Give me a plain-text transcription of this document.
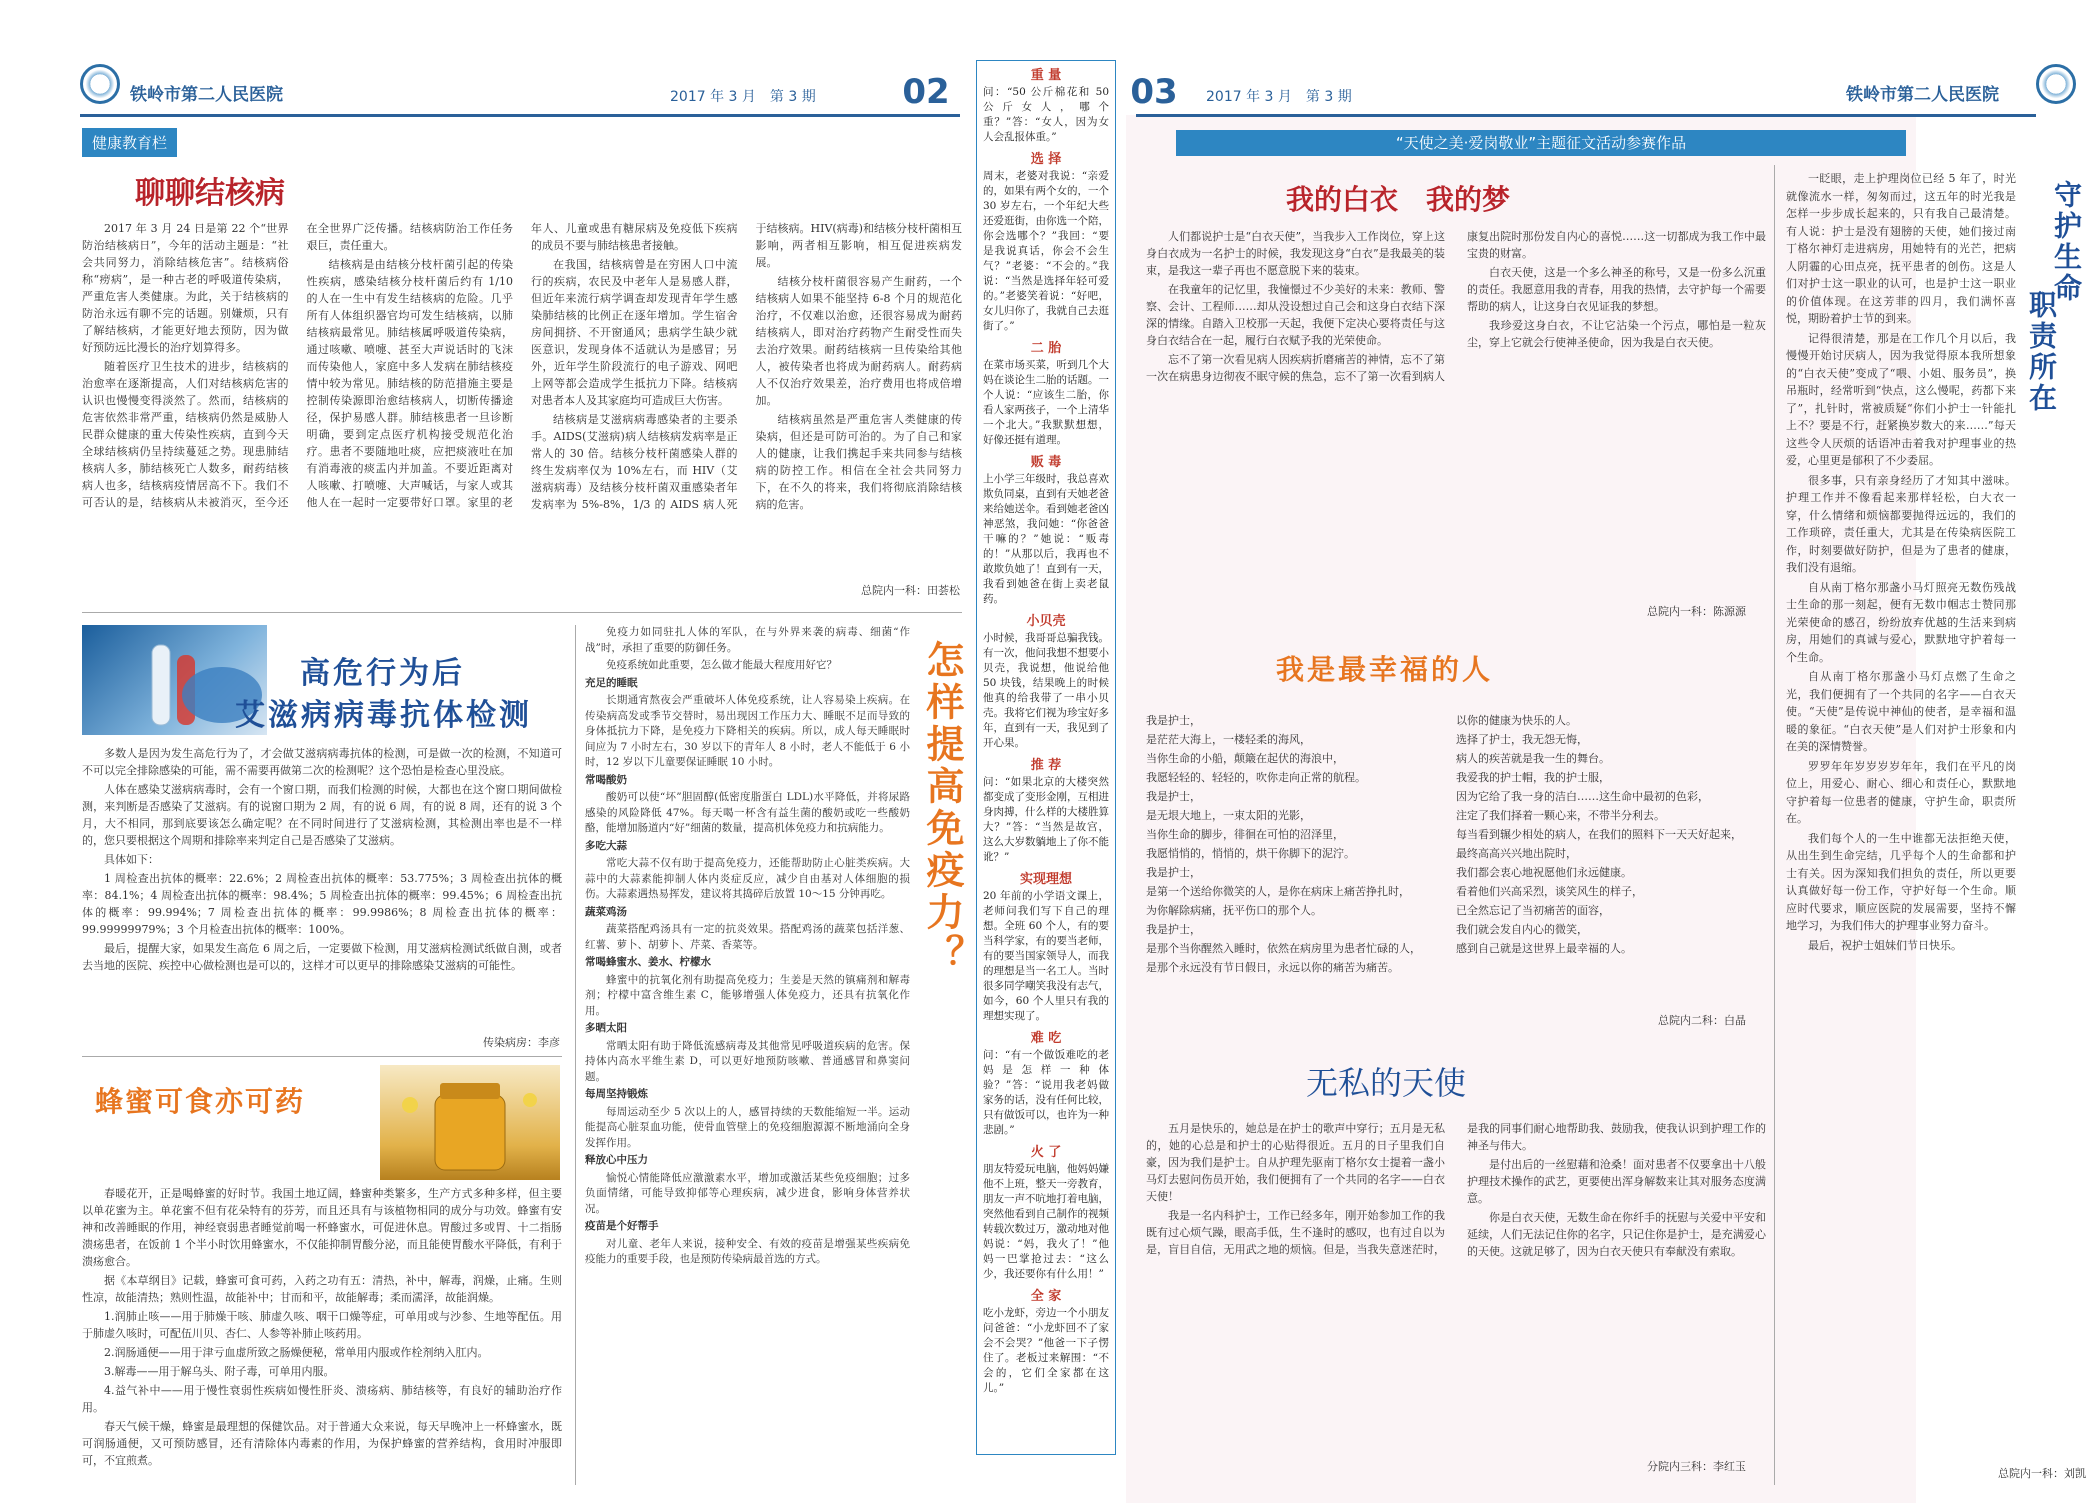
铁岭市第二人民医院	2017 年 3 月　第 3 期	02
健康教育栏
聊聊结核病

2017 年 3 月 24 日是第 22 个“世界防治结核病日”，今年的活动主题是：“社会共同努力，消除结核危害”。结核病俗称“痨病”，是一种古老的呼吸道传染病，严重危害人类健康。为此，关于结核病的防治永远有聊不完的话题。别嫌烦，只有了解结核病，才能更好地去预防，因为做好预防远比漫长的治疗划算得多。

随着医疗卫生技术的进步，结核病的治愈率在逐渐提高，人们对结核病危害的认识也慢慢变得淡然了。然而，结核病的危害依然非常严重，结核病仍然是威胁人民群众健康的重大传染性疾病，直到今天全球结核病仍呈持续蔓延之势。现患肺结核病人多，肺结核死亡人数多，耐药结核病人也多，结核病疫情居高不下。我们不可否认的是，结核病从未被消灭，至今还在全世界广泛传播。结核病防治工作任务艰巨，责任重大。

结核病是由结核分枝杆菌引起的传染性疾病，感染结核分枝杆菌后约有 1/10 的人在一生中有发生结核病的危险。几乎所有人体组织器官均可发生结核病，以肺结核病最常见。肺结核属呼吸道传染病，通过咳嗽、喷嚏、甚至大声说话时的飞沫而传染他人，家庭中多人发病在肺结核疫情中较为常见。肺结核的防范措施主要是控制传染源即治愈结核病人，切断传播途径，保护易感人群。肺结核患者一旦诊断明确，要到定点医疗机构接受规范化治疗。患者不要随地吐痰，应把痰液吐在加有消毒液的痰盂内并加盖。不要近距离对人咳嗽、打喷嚏、大声喊话，与家人或其他人在一起时一定要带好口罩。家里的老年人、儿童或患有糖尿病及免疫低下疾病的成员不要与肺结核患者接触。

在我国，结核病曾是在穷困人口中流行的疾病，农民及中老年人是易感人群，但近年来流行病学调查却发现青年学生感染肺结核的比例正在逐年增加。学生宿舍房间拥挤、不开窗通风；患病学生缺少就医意识，发现身体不适就认为是感冒；另外，近年学生阶段流行的电子游戏、网吧上网等都会造成学生抵抗力下降。结核病对患者本人及其家庭均可造成巨大伤害。

结核病是艾滋病病毒感染者的主要杀手。AIDS(艾滋病)病人结核病发病率是正常人的 30 倍。结核分枝杆菌感染人群的终生发病率仅为 10%左右，而 HIV（艾滋病病毒）及结核分枝杆菌双重感染者年发病率为 5%-8%，1/3 的 AIDS 病人死于结核病。HIV(病毒)和结核分枝杆菌相互影响，两者相互影响，相互促进疾病发展。

结核分枝杆菌很容易产生耐药，一个结核病人如果不能坚持 6-8 个月的规范化治疗，不仅难以治愈，还很容易成为耐药结核病人，即对治疗药物产生耐受性而失去治疗效果。耐药结核病一旦传染给其他人，被传染者也将成为耐药病人。耐药病人不仅治疗效果差，治疗费用也将成倍增加。

结核病虽然是严重危害人类健康的传染病，但还是可防可治的。为了自己和家人的健康，让我们携起手来共同参与结核病的防控工作。相信在全社会共同努力下，在不久的将来，我们将彻底消除结核病的危害。

总院内一科：田荟松
高危行为后
艾滋病病毒抗体检测

多数人是因为发生高危行为了，才会做艾滋病病毒抗体的检测，可是做一次的检测，不知道可不可以完全排除感染的可能，需不需要再做第二次的检测呢？这个恐怕是检查心里没底。

人体在感染艾滋病病毒时，会有一个窗口期，而我们检测的时候，大都也在这个窗口期间做检测，来判断是否感染了艾滋病。有的说窗口期为 2 周，有的说 6 周，有的说 8 周，还有的说 3 个月，大不相同，那到底要该怎么确定呢？在不同时间进行了艾滋病检测，其检测出率也是不一样的，您只要根据这个周期和排除率来判定自己是否感染了艾滋病。

具体如下：

1 周检查出抗体的概率：22.6%；2 周检查出抗体的概率：53.775%；3 周检查出抗体的概率：84.1%；4 周检查出抗体的概率：98.4%；5 周检查出抗体的概率：99.45%；6 周检查出抗体的概率：99.994%；7 周检查出抗体的概率：99.9986%；8 周检查出抗体的概率：99.99999979%；3 个月检查出抗体的概率：100%。

最后，提醒大家，如果发生高危 6 周之后，一定要做下检测，用艾滋病检测试纸做自测，或者去当地的医院、疾控中心做检测也是可以的，这样才可以更早的排除感染艾滋病的可能性。

传染病房：李彦
蜂蜜可食亦可药

春暖花开，正是喝蜂蜜的好时节。我国土地辽阔，蜂蜜种类繁多，生产方式多种多样，但主要以单花蜜为主。单花蜜不但有花朵特有的芬芳，而且还具有与该植物相同的成分与功效。蜂蜜有安神和改善睡眠的作用，神经衰弱患者睡觉前喝一杯蜂蜜水，可促进休息。胃酸过多或胃、十二指肠溃疡患者，在饭前 1 个半小时饮用蜂蜜水，不仅能抑制胃酸分泌，而且能使胃酸水平降低，有利于溃疡愈合。

据《本草纲目》记载，蜂蜜可食可药，入药之功有五：清热，补中，解毒，润燥，止痛。生则性凉，故能清热；熟则性温，故能补中；甘而和平，故能解毒；柔而濡泽，故能润燥。

1.润肺止咳——用于肺燥干咳、肺虚久咳、咽干口燥等症，可单用或与沙参、生地等配伍。用于肺虚久咳时，可配伍川贝、杏仁、人参等补肺止咳药用。

2.润肠通便——用于津亏血虚所致之肠燥便秘，常单用内服或作栓剂纳入肛内。

3.解毒——用于解乌头、附子毒，可单用内服。

4.益气补中——用于慢性衰弱性疾病如慢性肝炎、溃疡病、肺结核等，有良好的辅助治疗作用。

春天气候干燥，蜂蜜是最理想的保健饮品。对于普通大众来说，每天早晚冲上一杯蜂蜜水，既可润肠通便，又可预防感冒，还有清除体内毒素的作用，为保护蜂蜜的营养结构，食用时冲服即可，不宜煎煮。

免疫力如同驻扎人体的军队，在与外界来袭的病毒、细菌“作战”时，承担了重要的防御任务。

免疫系统如此重要，怎么做才能最大程度用好它？

充足的睡眠

长期通宵熬夜会严重破坏人体免疫系统，让人容易染上疾病。在传染病高发或季节交替时，易出现因工作压力大、睡眠不足而导致的身体抵抗力下降，是免疫力下降相关的疾病。所以，成人每天睡眠时间应为 7 小时左右，30 岁以下的青年人 8 小时，老人不能低于 6 小时，12 岁以下儿童要保证睡眠 10 小时。

常喝酸奶

酸奶可以使“坏”胆固醇(低密度脂蛋白 LDL)水平降低，并将尿路感染的风险降低 47%。每天喝一杯含有益生菌的酸奶或吃一些酸奶酪，能增加肠道内“好”细菌的数量，提高机体免疫力和抗病能力。

多吃大蒜

常吃大蒜不仅有助于提高免疫力，还能帮助防止心脏类疾病。大蒜中的大蒜素能抑制人体内炎症反应，减少自由基对人体细胞的损伤。大蒜素遇热易挥发，建议将其捣碎后放置 10～15 分钟再吃。

蔬菜鸡汤

蔬菜搭配鸡汤具有一定的抗炎效果。搭配鸡汤的蔬菜包括洋葱、红薯、萝卜、胡萝卜、芹菜、香菜等。

常喝蜂蜜水、姜水、柠檬水

蜂蜜中的抗氧化剂有助提高免疫力；生姜是天然的镇痛剂和解毒剂；柠檬中富含维生素 C，能够增强人体免疫力，还具有抗氧化作用。

多晒太阳

常晒太阳有助于降低流感病毒及其他常见呼吸道疾病的危害。保持体内高水平维生素 D，可以更好地预防咳嗽、普通感冒和鼻窦问题。

每周坚持锻炼

每周运动至少 5 次以上的人，感冒持续的天数能缩短一半。运动能提高心脏泵血功能，使骨血管壁上的免疫细胞源源不断地涌向全身发挥作用。

释放心中压力

愉悦心情能降低应激激素水平，增加或激活某些免疫细胞；过多负面情绪，可能导致抑郁等心理疾病，减少进食，影响身体营养状况。

疫苗是个好帮手

对儿童、老年人来说，接种安全、有效的疫苗是增强某些疾病免疫能力的重要手段，也是预防传染病最首选的方式。

怎样提高免疫力？
重 量
问：“50 公斤棉花和 50 公斤女人，哪个重？”答：“女人，因为女人会乱报体重。”
选 择
周末，老婆对我说：“亲爱的，如果有两个女的，一个 30 岁左右，一个年纪大些还爱逛街，由你选一个陪，你会选哪个？”我回：“要是我说真话，你会不会生气？”老婆：“不会的。”我说：“当然是选择年轻可爱的。”老婆笑着说：“好吧，女儿归你了，我就自己去逛街了。”
二 胎
在菜市场买菜，听到几个大妈在谈论生二胎的话题。一个人说：“应该生二胎，你看人家两孩子，一个上清华一个北大。”我默默想想，好像还挺有道理。
贩 毒
上小学三年级时，我总喜欢欺负同桌，直到有天她老爸来给她送伞。看到她老爸凶神恶煞，我问她：“你爸爸干嘛的？”她说：“贩毒的！”从那以后，我再也不敢欺负她了！直到有一天，我看到她爸在街上卖老鼠药。
小贝壳
小时候，我哥哥总骗我钱。有一次，他问我想不想要小贝壳，我说想，他说给他 50 块钱，结果晚上的时候他真的给我带了一串小贝壳。我将它们视为珍宝好多年，直到有一天，我见到了开心果。
推 荐
问：“如果北京的大楼突然都变成了变形金刚，互相进身肉搏，什么样的大楼胜算大？”答：“当然是故宫，这么大岁数躺地上了你不能讹？”
实现理想
20 年前的小学语文课上，老师问我们写下自己的理想。全班 60 个人，有的要当科学家，有的要当老师，有的要当国家领导人，而我的理想是当一名工人。当时很多同学嘲笑我没有志气，如今，60 个人里只有我的理想实现了。
难 吃
问：“有一个做饭难吃的老妈是怎样一种体验？”答：“说用我老妈做家务的话，没有任何比较，只有做饭可以，也许为一种悲剧。”
火 了
朋友特爱玩电脑，他妈妈嫌他不上班，整天一旁教育，朋友一声不吭地打着电脑，突然他看到自己制作的视频转载次数过万，激动地对他妈说：“妈，我火了！”他妈一巴掌抢过去：“这么少，我还要你有什么用！”
全 家
吃小龙虾，旁边一个小朋友问爸爸：“小龙虾回不了家会不会哭？”他爸一下子愣住了。老板过来解围：“不会的，它们全家都在这儿。”
03	2017 年 3 月　第 3 期	铁岭市第二人民医院
“天使之美·爱岗敬业”主题征文活动参赛作品
我的白衣　我的梦

人们都说护士是“白衣天使”，当我步入工作岗位，穿上这身白衣成为一名护士的时候，我发现这身“白衣”是我最美的装束，是我这一辈子再也不愿意脱下来的装束。

在我童年的记忆里，我憧憬过不少美好的未来：教师、警察、会计、工程师……却从没设想过自己会和这身白衣结下深深的情缘。自踏入卫校那一天起，我便下定决心要将责任与这身白衣结合在一起，履行白衣赋予我的光荣使命。

忘不了第一次看见病人因疾病折磨痛苦的神情，忘不了第一次在病患身边彻夜不眠守候的焦急，忘不了第一次看到病人康复出院时那份发自内心的喜悦……这一切都成为我工作中最宝贵的财富。

白衣天使，这是一个多么神圣的称号，又是一份多么沉重的责任。我愿意用我的青春，用我的热情，去守护每一个需要帮助的病人，让这身白衣见证我的梦想。

我珍爱这身白衣，不让它沾染一个污点，哪怕是一粒灰尘，穿上它就会行使神圣使命，因为我是白衣天使。

总院内一科：陈源源
我是最幸福的人

我是护士，

是茫茫大海上，一楼轻柔的海风，

当你生命的小船，颠簸在起伏的海浪中，

我愿轻轻的、轻轻的，吹你走向正常的航程。

我是护士，

是无垠大地上，一束太阳的光影，

当你生命的脚步，徘徊在可怕的沼泽里，

我愿悄悄的，悄悄的，烘干你脚下的泥泞。

我是护士，

是第一个送给你微笑的人，是你在病床上痛苦挣扎时，

为你解除病痛，抚平伤口的那个人。

我是护士，

是那个当你醒然入睡时，依然在病房里为患者忙碌的人，

是那个永远没有节日假日，永远以你的痛苦为痛苦。

以你的健康为快乐的人。

选择了护士，我无怨无悔，

病人的疾苦就是我一生的舞台。

我爱我的护士帽，我的护士服，

因为它给了我一身的洁白……这生命中最初的色彩，

注定了我们择着一颗心来，不带半分利去。

每当看到辗少相处的病人，在我们的照料下一天天好起来，

最终高高兴兴地出院时，

我们都会衷心地祝愿他们永远健康。

看着他们兴高采烈，谈笑风生的样子，

已全然忘记了当初痛苦的面容，

我们就会发自内心的微笑，

感到自己就是这世界上最幸福的人。

总院内二科：白晶
无私的天使

五月是快乐的，她总是在护士的歌声中穿行；五月是无私的，她的心总是和护士的心贴得很近。五月的日子里我们自豪，因为我们是护士。自从护理先驱南丁格尔女士提着一盏小马灯去慰问伤员开始，我们便拥有了一个共同的名字——白衣天使！

我是一名内科护士，工作已经多年，刚开始参加工作的我既有过心烦气躁，眼高手低，生不逢时的感叹，也有过自以为是，盲目自信，无用武之地的烦恼。但是，当我失意迷茫时，是我的同事们耐心地帮助我、鼓励我，使我认识到护理工作的神圣与伟大。

是付出后的一丝慰藉和沧桑！面对患者不仅要拿出十八般护理技术操作的武艺，更要使出浑身解数来让其对服务态度满意。

你是白衣天使，无数生命在你纤手的抚慰与关爱中平安和延续，人们无法记住你的名字，只记住你是护士，是充满爱心的天使。这就足够了，因为白衣天使只有奉献没有索取。

分院内三科：李红玉

一眨眼，走上护理岗位已经 5 年了，时光就像流水一样，匆匆而过，这五年的时光我是怎样一步步成长起来的，只有我自己最清楚。有人说：护士是没有翅膀的天使，她们接过南丁格尔神灯走进病房，用她特有的光芒，把病人阴霾的心田点亮，抚平患者的创伤。这是人们对护士这一职业的认可，也是护士这一职业的价值体现。在这芳菲的四月，我们满怀喜悦，期盼着护士节的到来。

记得很清楚，那是在工作几个月以后，我慢慢开始讨厌病人，因为我觉得原本我所想象的“白衣天使”变成了“喂、小姐、服务员”，换吊瓶时，经常听到“快点，这么慢呢，药都下来了”，扎针时，常被质疑“你们小护士一针能扎上不？要是不行，赶紧换岁数大的来……”每天这些令人厌烦的话语冲击着我对护理事业的热爱，心里更是郁积了不少委屈。

很多事，只有亲身经历了才知其中滋味。护理工作并不像看起来那样轻松，白大衣一穿，什么情绪和烦恼都要抛得远远的，我们的工作琐碎，责任重大，尤其是在传染病医院工作，时刻要做好防护，但是为了患者的健康，我们没有退缩。

自从南丁格尔那盏小马灯照亮无数伤残战士生命的那一刻起，便有无数巾帼志士赞同那光荣使命的感召，纷纷放弃优越的生活来到病房，用她们的真诚与爱心，默默地守护着每一个生命。

自从南丁格尔那盏小马灯点燃了生命之光，我们便拥有了一个共同的名字——白衣天使。“天使”是传说中神仙的使者，是幸福和温暖的象征。“白衣天使”是人们对护士形象和内在美的深情赞誉。

罗罗年年岁岁岁岁年年，我们在平凡的岗位上，用爱心、耐心、细心和责任心，默默地守护着每一位患者的健康，守护生命，职责所在。

我们每个人的一生中谁都无法拒绝天使，从出生到生命完结，几乎每个人的生命都和护士有关。因为深知我们担负的责任，所以更要认真做好每一份工作，守护好每一个生命。顺应时代要求，顺应医院的发展需要，坚持不懈地学习，为我们伟大的护理事业努力奋斗。

最后，祝护士姐妹们节日快乐。

守护生命
职责所在
总院内一科：刘凯
